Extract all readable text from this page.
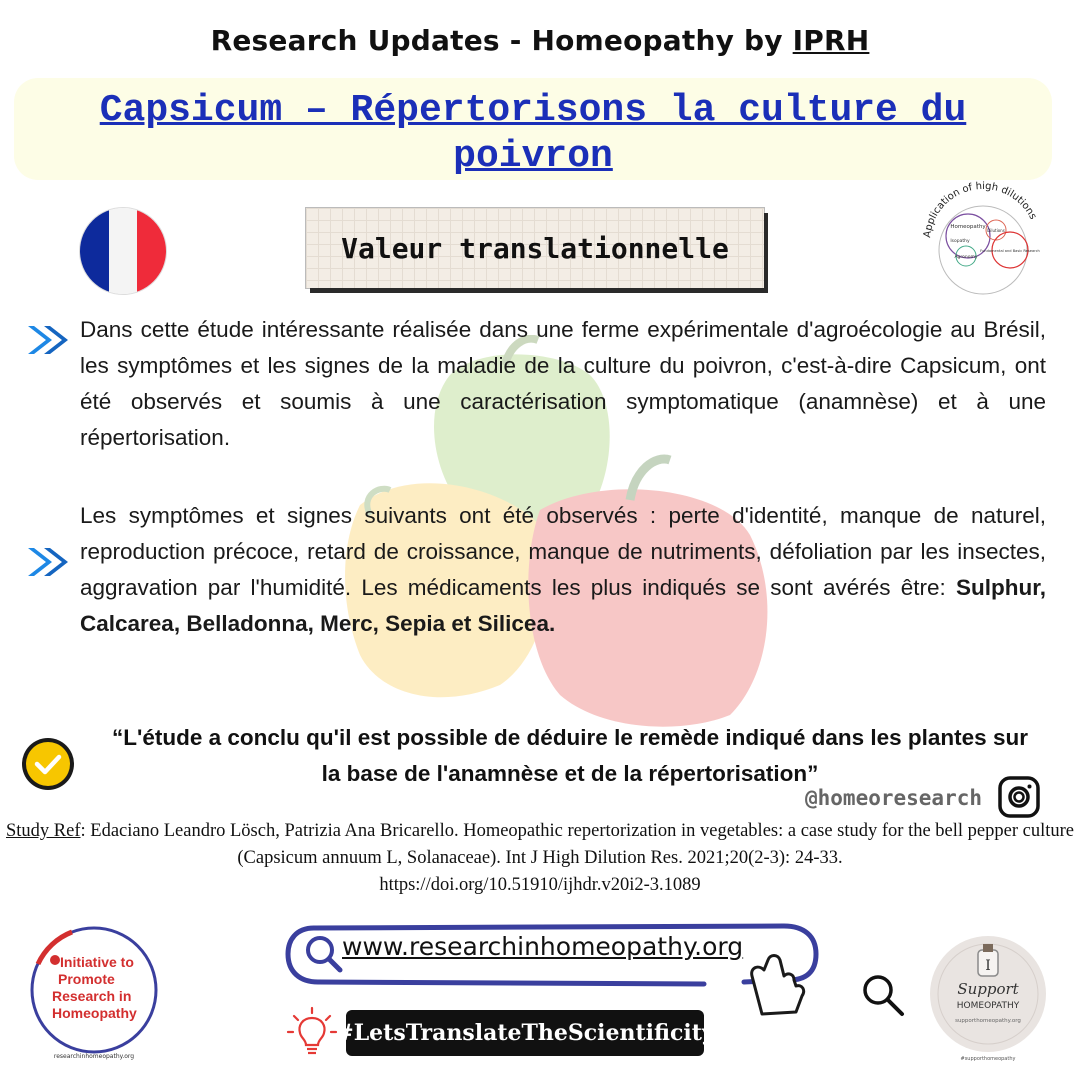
Research Updates - Homeopathy by IPRH
Capsicum – Répertorisons la culture du poivron
Valeur translationnelle	Application of high dilutions
Homeopathy
Dilutions
Isopathy
Agronomy
Fundamental and Basic Research
Dans cette étude intéressante réalisée dans une ferme expérimentale d'agroécologie au Brésil, les symptômes et les signes de la maladie de la culture du poivron, c'est-à-dire Capsicum, ont été observés et soumis à une caractérisation symptomatique (anamnèse) et à une répertorisation.
Les symptômes et signes suivants ont été observés : perte d'identité, manque de naturel, reproduction précoce, retard de croissance, manque de nutriments, défoliation par les insectes, aggravation par l'humidité. Les médicaments les plus indiqués se sont avérés être: Sulphur, Calcarea, Belladonna, Merc, Sepia et Silicea.
“L'étude a conclu qu'il est possible de déduire le remède indiqué dans les plantes sur la base de l'anamnèse et de la répertorisation”
@homeoresearch
Study Ref: Edaciano Leandro Lösch, Patrizia Ana Bricarello. Homeopathic repertorization in vegetables: a case study for the bell pepper culture (Capsicum annuum L, Solanaceae). Int J High Dilution Res. 2021;20(2-3): 24-33.
https://doi.org/10.51910/ijhdr.v20i2-3.1089
Initiative to
Promote
Research in
Homeopathy
researchinhomeopathy.org
www.researchinhomeopathy.org
#LetsTranslateTheScientificity
I
Support
HOMEOPATHY
supporthomeopathy.org
#supporthomeopathy
